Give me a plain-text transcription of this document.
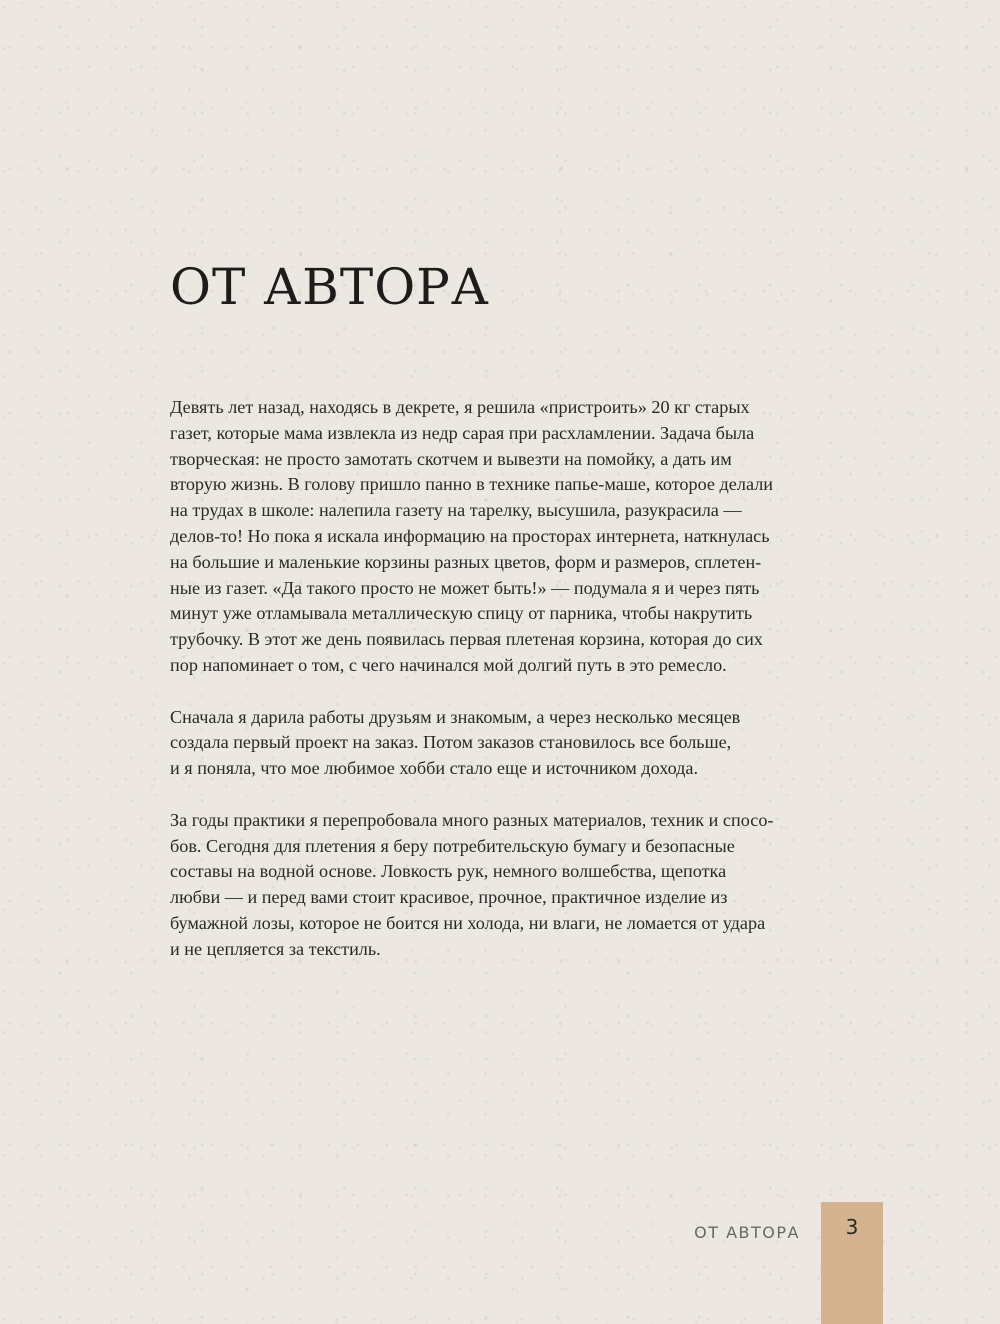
ОТ АВТОРА

Девять лет назад, находясь в декрете, я решила «пристроить» 20 кг старых
газет, которые мама извлекла из недр сарая при расхламлении. Задача была
творческая: не просто замотать скотчем и вывезти на помойку, а дать им
вторую жизнь. В голову пришло панно в технике папье-маше, которое делали
на трудах в школе: налепила газету на тарелку, высушила, разукрасила —
делов-то! Но пока я искала информацию на просторах интернета, наткнулась
на большие и маленькие корзины разных цветов, форм и размеров, сплетен-
ные из газет. «Да такого просто не может быть!» — подумала я и через пять
минут уже отламывала металлическую спицу от парника, чтобы накрутить
трубочку. В этот же день появилась первая плетеная корзина, которая до сих
пор напоминает о том, с чего начинался мой долгий путь в это ремесло.

Сначала я дарила работы друзьям и знакомым, а через несколько месяцев
создала первый проект на заказ. Потом заказов становилось все больше,
и я поняла, что мое любимое хобби стало еще и источником дохода.

За годы практики я перепробовала много разных материалов, техник и спосо-
бов. Сегодня для плетения я беру потребительскую бумагу и безопасные
составы на водной основе. Ловкость рук, немного волшебства, щепотка
любви — и перед вами стоит красивое, прочное, практичное изделие из
бумажной лозы, которое не боится ни холода, ни влаги, не ломается от удара
и не цепляется за текстиль.

ОТ АВТОРА	3
